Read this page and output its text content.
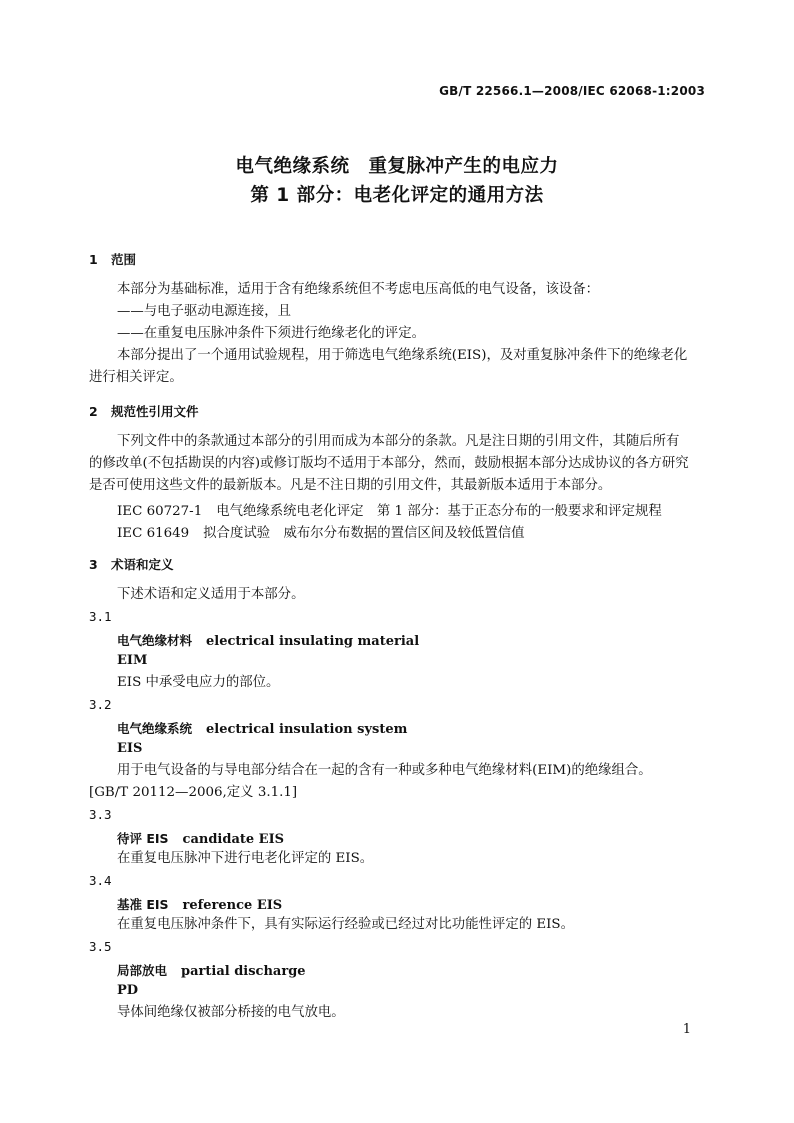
GB/T 22566.1—2008/IEC 62068-1:2003
电气绝缘系统　重复脉冲产生的电应力
第 1 部分：电老化评定的通用方法
1 范围
本部分为基础标准，适用于含有绝缘系统但不考虑电压高低的电气设备，该设备：
——与电子驱动电源连接，且
——在重复电压脉冲条件下须进行绝缘老化的评定。
本部分提出了一个通用试验规程，用于筛选电气绝缘系统(EIS)，及对重复脉冲条件下的绝缘老化
进行相关评定。
2 规范性引用文件
下列文件中的条款通过本部分的引用而成为本部分的条款。凡是注日期的引用文件，其随后所有
的修改单(不包括勘误的内容)或修订版均不适用于本部分，然而，鼓励根据本部分达成协议的各方研究
是否可使用这些文件的最新版本。凡是不注日期的引用文件，其最新版本适用于本部分。
IEC 60727-1 电气绝缘系统电老化评定　第 1 部分：基于正态分布的一般要求和评定规程
IEC 61649 拟合度试验　威布尔分布数据的置信区间及较低置信值
3 术语和定义
下述术语和定义适用于本部分。
3.1
电气绝缘材料 electrical insulating material
EIM
EIS 中承受电应力的部位。
3.2
电气绝缘系统 electrical insulation system
EIS
用于电气设备的与导电部分结合在一起的含有一种或多种电气绝缘材料(EIM)的绝缘组合。
[GB/T 20112—2006,定义 3.1.1]
3.3
待评 EIS candidate EIS
在重复电压脉冲下进行电老化评定的 EIS。
3.4
基准 EIS reference EIS
在重复电压脉冲条件下，具有实际运行经验或已经过对比功能性评定的 EIS。
3.5
局部放电 partial discharge
PD
导体间绝缘仅被部分桥接的电气放电。
1
